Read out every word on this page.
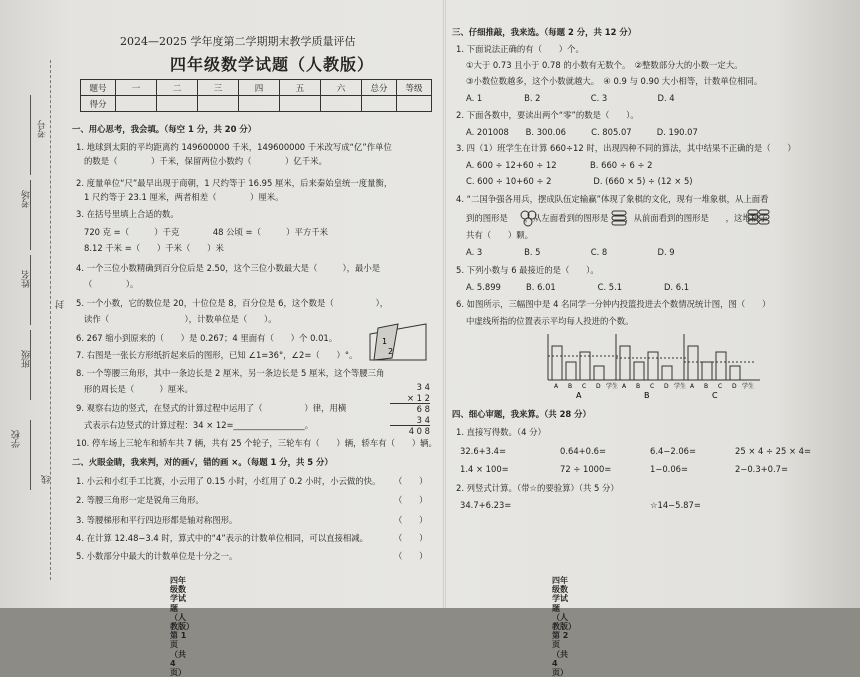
考号
考场
姓名
封
班级
学校
线
2024—2025 学年度第二学期期末教学质量评估
四年级数学试题（人教版）
题号	一	二	三	四	五	六	总分	等级
得分								
一、用心思考，我会填。（每空 1 分，共 20 分）
1. 地球到太阳的平均距离约 149600000 千米，149600000 千米改写成“亿”作单位
的数是（　　　　）千米，保留两位小数约（　　　　）亿千米。
2. 度量单位“尺”最早出现于商朝，1 尺约等于 16.95 厘米，后来秦始皇统一度量衡，
1 尺约等于 23.1 厘米，两者相差（　　　　）厘米。
3. 在括号里填上合适的数。
720 克 =（　　　）千克　　　　48 公顷 =（　　　）平方千米
8.12 千米 =（　　）千米（　　）米
4. 一个三位小数精确到百分位后是 2.50，这个三位小数最大是（　　　），最小是
（　　　　）。
5. 一个小数，它的数位是 20，十位位是 8，百分位是 6，这个数是（　　　　　），
读作（　　　　　　　　　），计数单位是（　　）。
6. 267 缩小到原来的（　　）是 0.267；4 里面有（　　）个 0.01。
7. 右图是一张长方形纸折起来后的图形，已知 ∠1=36°，∠2=（　　）°。
8. 一个等腰三角形，其中一条边长是 2 厘米，另一条边长是 5 厘米，这个等腰三角
形的周长是（　　　）厘米。
9. 观察右边的竖式，在竖式的计算过程中运用了（　　　　　）律，用横
式表示右边竖式的计算过程：34 × 12=_________________。
10. 停车场上三轮车和轿车共 7 辆，共有 25 个轮子，三轮车有（　　）辆，轿车有（　　）辆。
二、火眼金睛，我来判，对的画√，错的画 ×。（每题 1 分，共 5 分）
1. 小云和小红手工比赛，小云用了 0.15 小时，小红用了 0.2 小时，小云做的快。
2. 等腰三角形一定是锐角三角形。
3. 等腰梯形和平行四边形都是轴对称图形。
4. 在计算 12.48−3.4 时，算式中的“4”表示的计数单位相同，可以直接相减。
5. 小数部分中最大的计数单位是十分之一。
（　　）
（　　）
（　　）
（　　）
（　　）
1
2
3 4
× 1 2
6 8
3 4
4 0 8
四年级数学试题（人教版）　第 1 页（共 4 页）
三、仔细推敲，我来选。（每题 2 分，共 12 分）
1. 下面说法正确的有（　　）个。
①大于 0.73 且小于 0.78 的小数有无数个。　②整数部分大的小数一定大。
③小数位数越多，这个小数就越大。　④ 0.9 与 0.90 大小相等，计数单位相同。
A. 1　　　　　B. 2　　　　　　C. 3　　　　　　D. 4
2. 下面各数中，要读出两个“零”的数是（　　）。
A. 201008　　B. 300.06　　　C. 805.07　　　D. 190.07
3. 四（1）班学生在计算 660÷12 时，出现四种不同的算法，其中结果不正确的是（　　）
A. 600 ÷ 12+60 ÷ 12　　　　B. 660 ÷ 6 ÷ 2
C. 600 ÷ 10+60 ÷ 2　　　　　D. (660 × 5) ÷ (12 × 5)
4. “二国争强各用兵，摆成队伍定输赢”体现了象棋的文化，现有一堆象棋，从上面看
到的图形是　　，从左面看到的图形是　　，从前面看到的图形是　　，这堆棋子
共有（　　）颗。
A. 3　　　　　B. 5　　　　　　C. 8　　　　　　D. 9
5. 下列小数与 6 最接近的是（　　）。
A. 5.899　　　B. 6.01　　　　　C. 5.1　　　　　D. 6.1
6. 如图所示，三幅图中是 4 名同学一分钟内投篮投进去个数情况统计图，图（　　）
中虚线所指的位置表示平均每人投进的个数。
A B C D 学生
A
A B C D 学生
B
A B C D 学生
C
四、细心审题，我来算。（共 28 分）
1. 直接写得数。（4 分）
32.6+3.4=	0.64+0.6=	6.4−2.06=	25 × 4 ÷ 25 × 4=
1.4 × 100=	72 ÷ 1000=	1−0.06=	2−0.3+0.7=
2. 列竖式计算。（带☆的要验算）（共 5 分）
34.7+6.23=	☆14−5.87=
四年级数学试题（人教版）　第 2 页（共 4 页）
